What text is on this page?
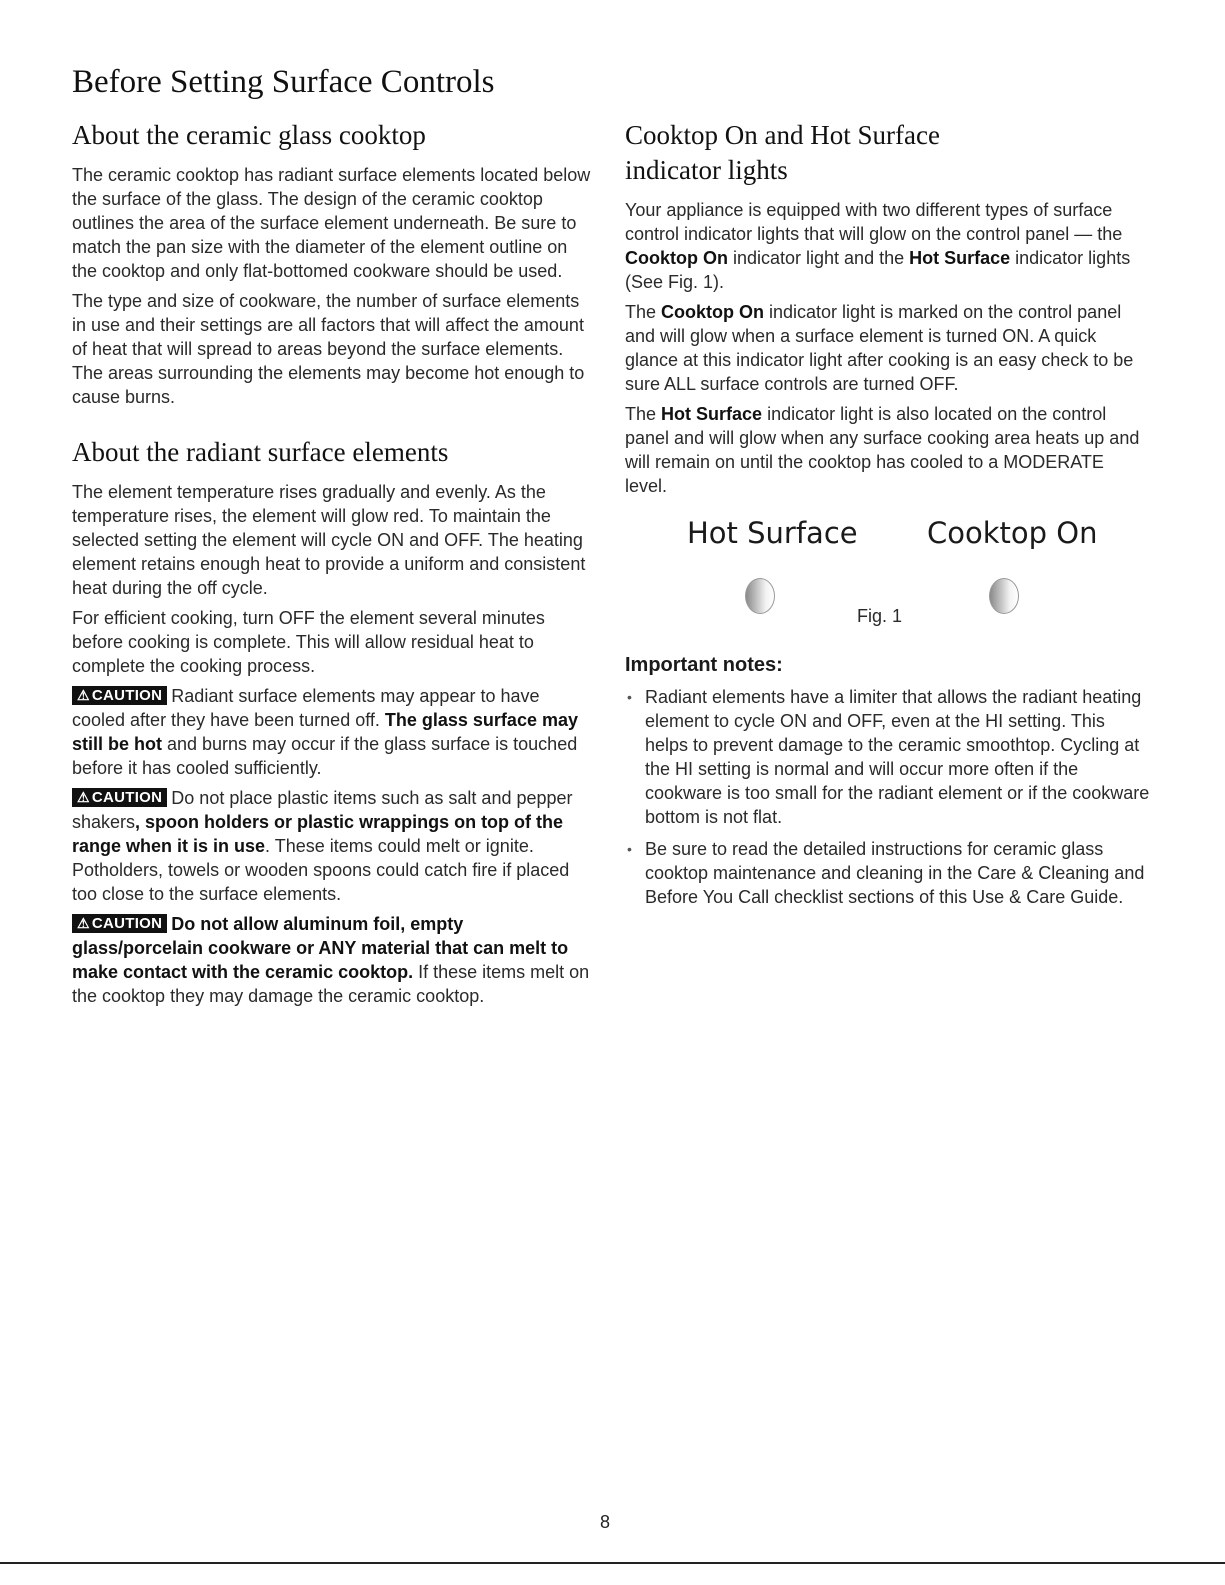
Before Setting Surface Controls
About the ceramic glass cooktop

The ceramic cooktop has radiant surface elements located below the surface of the glass. The design of the ceramic cooktop outlines the area of the surface element underneath. Be sure to match the pan size with the diameter of the element outline on the cooktop and only flat-bottomed cookware should be used.

The type and size of cookware, the number of surface elements in use and their settings are all factors that will affect the amount of heat that will spread to areas beyond the surface elements. The areas surrounding the elements may become hot enough to cause burns.

About the radiant surface elements

The element temperature rises gradually and evenly. As the temperature rises, the element will glow red. To maintain the selected setting the element will cycle ON and OFF. The heating element retains enough heat to provide a uniform and consistent heat during the off cycle.

For efficient cooking, turn OFF the element several minutes before cooking is complete. This will allow residual heat to complete the cooking process.

⚠ CAUTION Radiant surface elements may appear to have cooled after they have been turned off. The glass surface may still be hot and burns may occur if the glass surface is touched before it has cooled sufficiently.

⚠ CAUTION Do not place plastic items such as salt and pepper shakers, spoon holders or plastic wrappings on top of the range when it is in use. These items could melt or ignite. Potholders, towels or wooden spoons could catch fire if placed too close to the surface elements.

⚠ CAUTION Do not allow aluminum foil, empty glass/porcelain cookware or ANY material that can melt to make contact with the ceramic cooktop. If these items melt on the cooktop they may damage the ceramic cooktop.

Cooktop On and Hot Surface
indicator lights

Your appliance is equipped with two different types of surface control indicator lights that will glow on the control panel — the Cooktop On indicator light and the Hot Surface indicator lights (See Fig. 1).

The Cooktop On indicator light is marked on the control panel and will glow when a surface element is turned ON. A quick glance at this indicator light after cooking is an easy check to be sure ALL surface controls are turned OFF.

The Hot Surface indicator light is also located on the control panel and will glow when any surface cooking area heats up and will remain on until the cooktop has cooled to a MODERATE level.

Hot Surface Cooktop On
Fig. 1
Important notes:
• Radiant elements have a limiter that allows the radiant heating element to cycle ON and OFF, even at the HI setting. This helps to prevent damage to the ceramic smoothtop. Cycling at the HI setting is normal and will occur more often if the cookware is too small for the radiant element or if the cookware bottom is not flat.
• Be sure to read the detailed instructions for ceramic glass cooktop maintenance and cleaning in the Care & Cleaning and Before You Call checklist sections of this Use & Care Guide.
8
